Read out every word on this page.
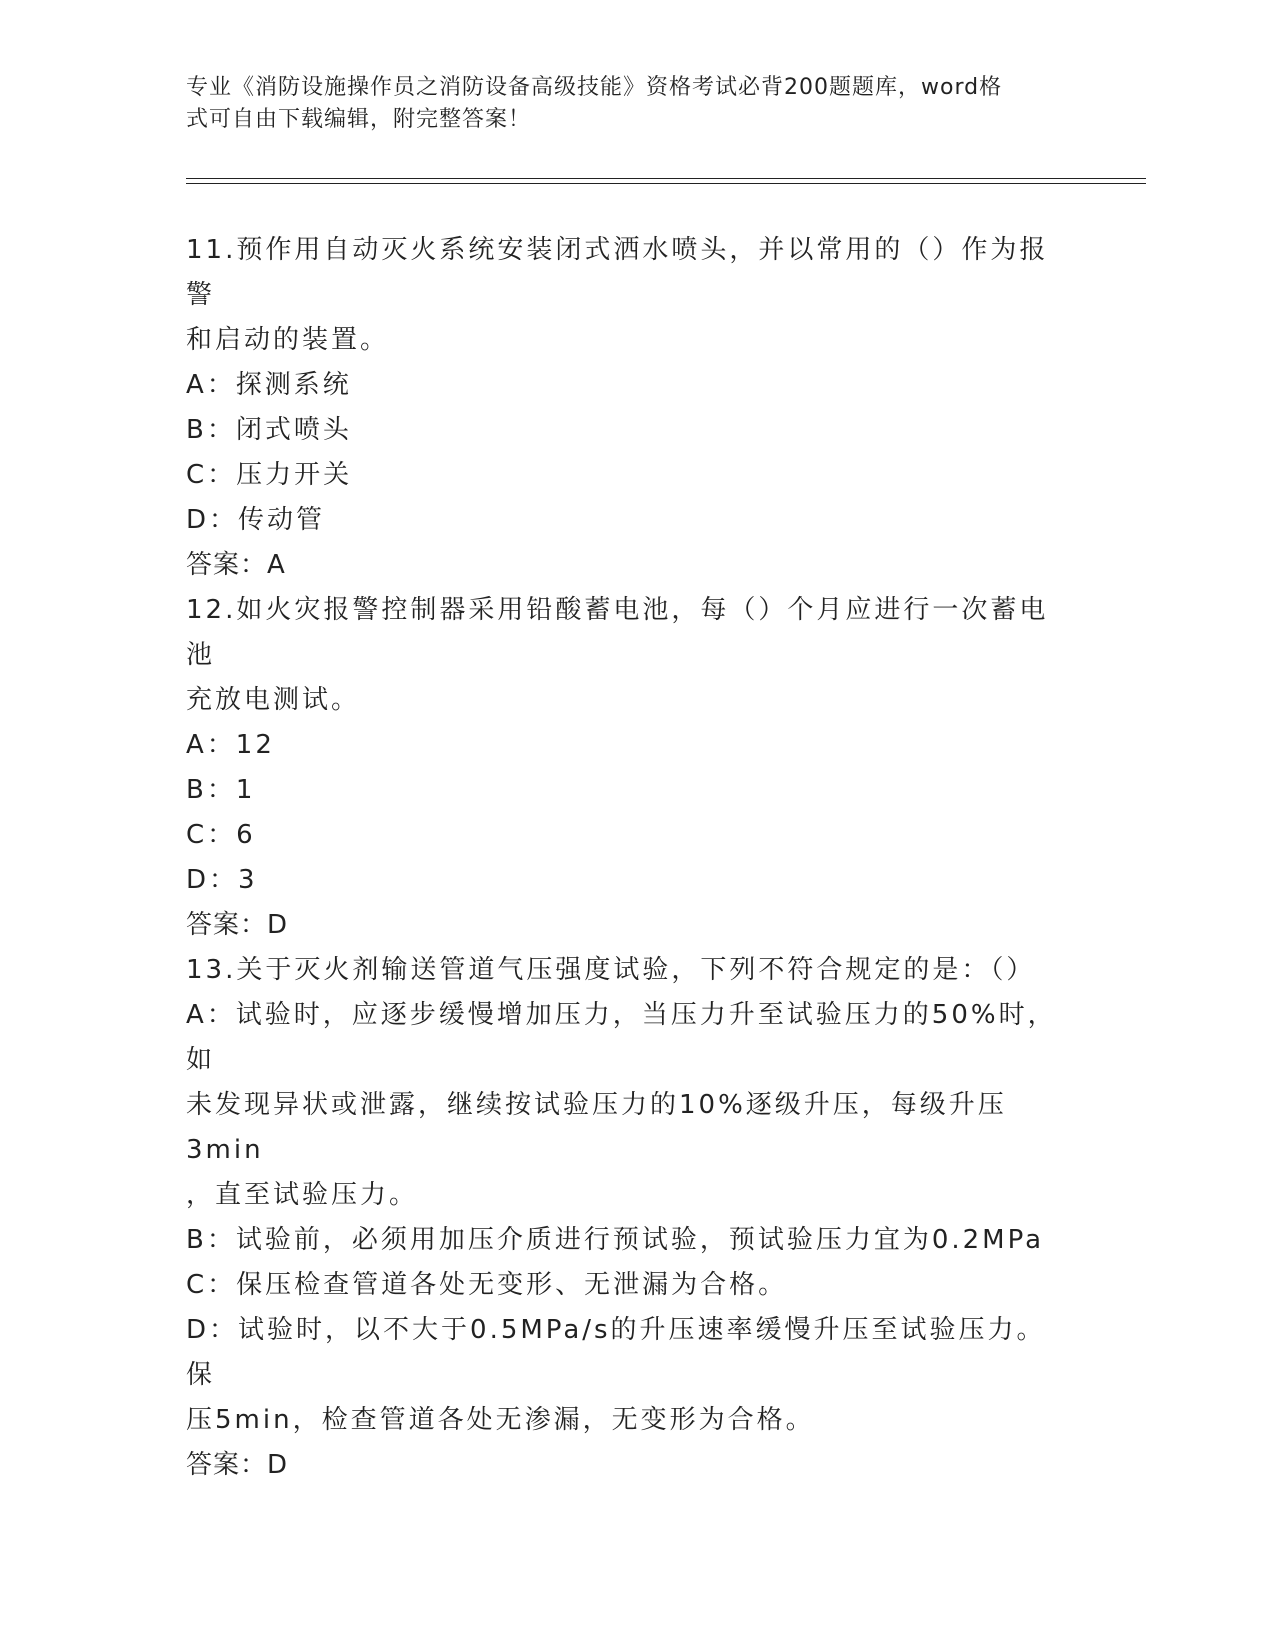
专业《消防设施操作员之消防设备高级技能》资格考试必背200题题库，word格
式可自由下载编辑，附完整答案！

11.预作用自动灭火系统安装闭式洒水喷头，并以常用的（）作为报警

和启动的装置。

A：探测系统

B：闭式喷头

C：压力开关

D：传动管

答案：A

12.如火灾报警控制器采用铅酸蓄电池，每（）个月应进行一次蓄电池

充放电测试。

A：12

B：1

C：6

D：3

答案：D

13.关于灭火剂输送管道气压强度试验，下列不符合规定的是：（）

A：试验时，应逐步缓慢增加压力，当压力升至试验压力的50%时，如

未发现异状或泄露，继续按试验压力的10%逐级升压，每级升压3min

，直至试验压力。

B：试验前，必须用加压介质进行预试验，预试验压力宜为0.2MPa

C：保压检查管道各处无变形、无泄漏为合格。

D：试验时，以不大于0.5MPa/s的升压速率缓慢升压至试验压力。保

压5min，检查管道各处无渗漏，无变形为合格。

答案：D
